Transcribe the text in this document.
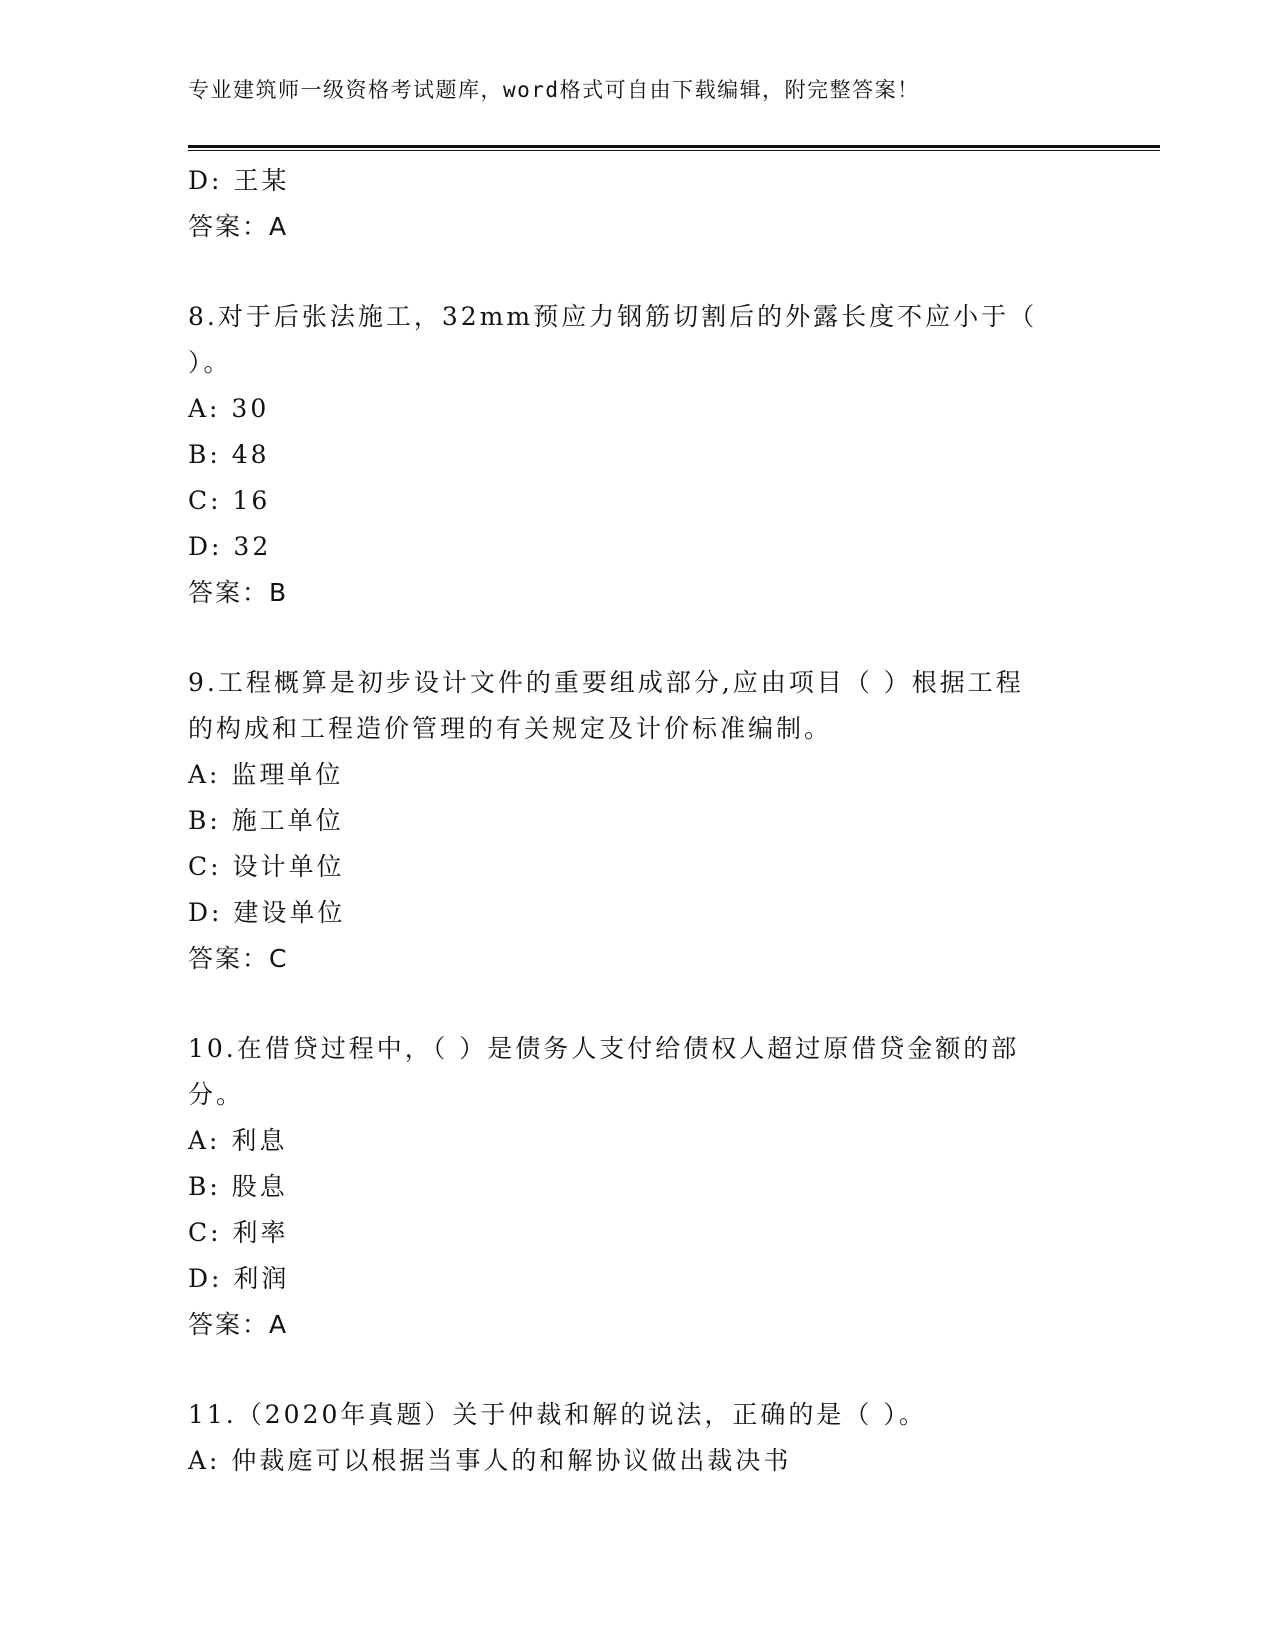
专业建筑师一级资格考试题库，word格式可自由下载编辑，附完整答案！
D: 王某
答案：A
8.对于后张法施工，32mm预应力钢筋切割后的外露长度不应小于（
）。
A: 30
B: 48
C: 16
D: 32
答案：B
9.工程概算是初步设计文件的重要组成部分,应由项目（ ）根据工程
的构成和工程造价管理的有关规定及计价标准编制。
A: 监理单位
B: 施工单位
C: 设计单位
D: 建设单位
答案：C
10.在借贷过程中，（ ）是债务人支付给债权人超过原借贷金额的部
分。
A: 利息
B: 股息
C: 利率
D: 利润
答案：A
11.（2020年真题）关于仲裁和解的说法，正确的是（ ）。
A: 仲裁庭可以根据当事人的和解协议做出裁决书
